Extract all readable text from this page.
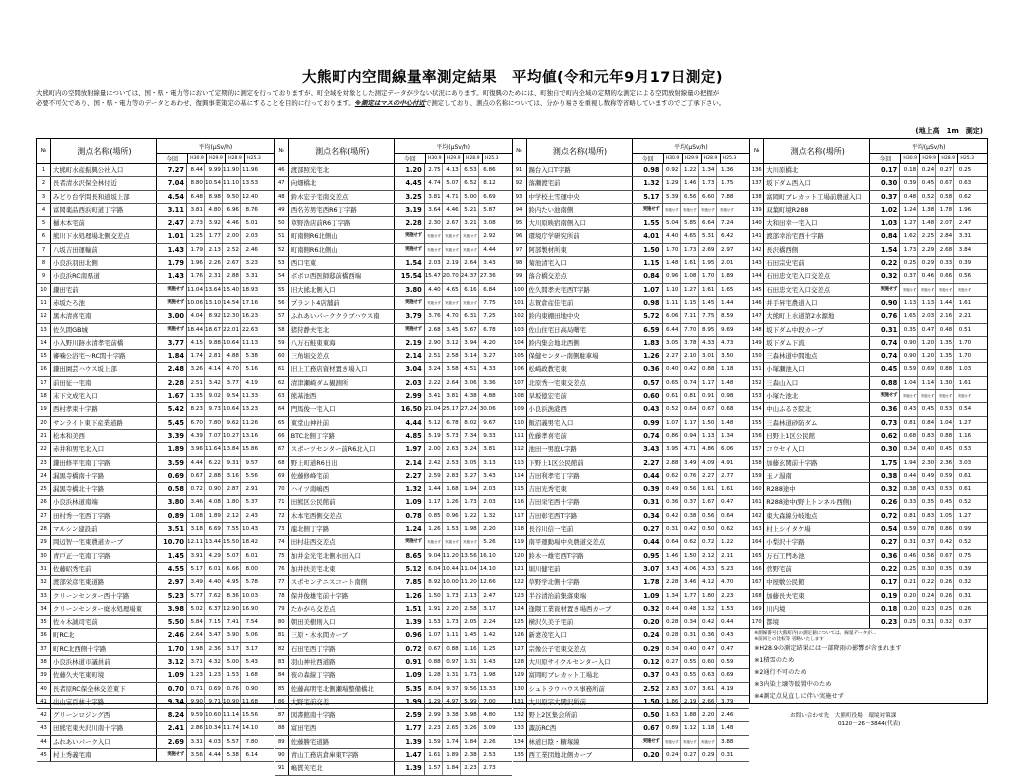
大熊町内空間線量率測定結果　平均値(令和元年9月17日測定)
大熊町内の空間放射線量については、国・県・電力等において定期的に測定を行っておりますが、町全域を対象とした測定データが少ない状況にあります。町復興のためには、町独自で町内全域の定期的な測定による空間放射線量の把握が
必要不可欠であり、国・県・電力等のデータとあわせ、復興事業策定の基にすることを目的に行っております。※測定はマスの中心付近で測定しており、測点の名称については、分かり易さを重視し数称等省略していますのでご了承下さい。
(地上高　1m　測定)
№	測点名称(場所)	平均(μSv/h)
今回	H30.9	H29.9	H28.9	H25.3
1	大熊町水産振興公社入口	7.27	8.44 9.99 11.90 11.96
2	長者清水沢保全林付近	7.04	8.80 10.54 11.10 13.53
3	みどり台学問長和道坂上部	4.54	6.48 8.98 9.50 12.40
4	富岡薬品西浜町道丁字路	3.11	3.81 4.80 6.96	8.76
5	樋木本宅前	2.47	2.73 3.92 4.46	5.01
6	熊川下水処理場北側交差点	1.01	1.25 1.77 2.00	2.03
7	八坂吉田運輸前	1.43	1.79 2.13 2.52	2.46
8	小良浜羽田北側	1.79	1.96 2.26 2.67	3.23
9	小良浜RC南県道	1.43	1.76 2.31 2.88	3.31
10 鎌田宅前	実施せず 11.04 13.64 15.40 18.93
11 赤坂たろ池	実施せず 10.06 13.10 14.54 17.16
12 黒木清喜宅南	3.00	4.04 8.92 12.30 16.23
13 佐久間GB城	実施せず 18.44 18.67 22.01 22.63
14 小入野川跡水清孝宅前橋	3.77	4.15 9.88 10.64 11.13
15 審噛公浴宅〜RC間十字路	1.84	1.74 2.81 4.88	5.38
16 鎌田園芸ハウス坂上部	2.48	3.26 4.14 4.70	5.16
17 前田征一宅南	2.28	2.51 3.42 3.77	4.19
18 末下文成宅入口	1.67	1.35 9.02 9.54 11.33
19 西村孝束十字路	5.42	8.23 9.73 10.64 13.23
20 サンライト東下産業道路	5.45	6.70 7.80 9.62 11.26
21 松本和美西	3.39	4.39 7.07 10.27 13.16
22 赤井和男宅北入口	1.89	3.96 11.64 13.84 15.86
23 鎌田修平宅南丁字路	3.59	4.44 6.22 9.31	9.57
24 漏黒寺橋南十字路	0.69	0.67 2.88 3.16	5.56
25 漏黒寺橋北十字路	0.58	0.72 0.90 2.87	2.91
26 小良浜林道南端	3.80	3.46 4.08 1.80	5.37
27 田村秀一宅西丁字路	0.89	1.08 1.89 2.12	2.43
28 マルシン建設前	3.51	3.18 6.69 7.55 10.43
29 岡辺智一宅東農道カーブ	10.70 12.11 13.44 15.50 18.42
30 青戸正一宅南丁字路	1.45	3.91 4.29 5.07	6.01
31 佐藤昭秀宅前	4.55	5.17 6.01 6.66	8.00
32 渡部栄彦宅東道路	2.97	3.49 4.40 4.95	5.78
33 クリーンセンター西十字路	5.23	5.77 7.62 8.36 10.03
34 クリーンセンター廃水処理場東	3.98	5.02 6.37 12.90 16.90
35 佐々木誠司宅前	5.50	5.84 7.15 7.41	7.54
36 町RC北	2.46	2.64 3.47 3.90	5.06
37 町RC北西側十字路	1.70	1.98 2.36 3.17	3.17
38 小良浜林道市議員前	3.12	3.71 4.32 5.00	5.43
39 佐藤久夫宅東町境	1.09	1.23 1.23 1.53	1.68
40 長者原RC保全林交差東下	0.70	0.71 0.69 0.76	0.90
41 出山宝百林十字路	9.34	9.90 9.71 10.90 11.68
42 グリーンロジング西	8.24	9.59 10.60 11.14 15.56
43 田熊宅東夫沢川南十字路	2.41	2.86 10.34 11.74 14.10
44 ふれあいパーク入口	2.69	3.31 4.03 5.57	7.80
45 村上秀義宅南	実施せず	3.56 4.44 5.38	6.14
№	測点名称(場所)	平均(μSv/h)
今回	H30.9	H29.9	H28.9	H25.3
46 渡部照光宅北	1.20	2.75 4.13 6.53	6.86
47 向畑橋北	4.45	4.74 5.07 6.52	8.12
48 鈴木宏子宅南交差点	3.25	3.81 4.71 5.00	6.69
49 西名芳男宅西R6丁字路	3.19	3.64 4.46 5.21	5.87
50 草野浩店前R6丁字路	2.28	2.30 2.67 3.21	3.08
51 町南側R6北側山	実施せず	実施せず	実施せず	実施せず	2.92
52 町南側R6北側山	実施せず	実施せず	実施せず	実施せず	4.44
53 西口宅東	1.54	2.03 2.19 2.64	3.43
54 ボボロ西医師邸前橋西端	15.54 15.47 20.70 24.37 27.36
55 旧大熊北側入口	3.80	4.40 4.65 6.16	6.84
56 プラント4店舗前	実施せず	実施せず	実施せず	実施せず	7.75
57 ふれあいパーククラブハウス南	3.79	3.76 4.70 6.31	7.25
58 猪狩静夫宅北	実施せず	2.68 3.45 5.67	6.78
59 八万石鮭東東海	2.19	2.90 3.12 3.94	4.20
60 三角堀交差点	2.14	2.51 2.58 3.14	3.27
61 旧上工務店資材置き場入口	3.04	3.24 3.58 4.51	4.33
62 清津瀬崎ダム観測所	2.03	2.22 2.64 3.06	3.36
63 熊基池西	2.99	3.41 3.81 4.38	4.88
64 門馬俊一宅入口	16.50 21.04 25.17 27.24 30.06
65 東堂山神社前	4.44	5.12 6.78 8.02	9.67
66 BTC北側丁字路	4.85	5.19 5.73 7.34	9.33
67 スポーツセンター前R6北入口	1.97	2.00 2.63 3.24	3.81
68 野上町道R6日出	2.14	2.42 2.53 3.05	3.13
69 佐藤修峰宅前	2.27	2.59 2.83 3.27	3.43
70 ハイツ南嶋西	1.32	1.44 1.68 1.94	2.03
71 田熊区公民館前	1.09	1.17 1.26 1.73	2.03
72 木本宅西側交差点	0.78	0.85 0.96 1.22	1.32
73 龍北側丁字路	1.24	1.26 1.53 1.98	2.20
74 田村荘西交差点	実施せず	実施せず	実施せず	実施せず	5.26
75 加井金光宅北側水田入口	8.65	9.04 11.20 13.56 16.10
76 加井扶美宅北東	5.12	6.04 10.44 11.04 14.10
77 スポセンテニスコート南側	7.85	8.92 10.00 11.20 12.66
78 保井俊雄宅前十字路	1.26	1.50 1.73 2.13	2.47
79 たかがら交差点	1.51	1.91 2.20 2.58	3.17
80 朝田美樹則入口	1.39	1.53 1.73 2.05	2.24
81 三原・木永間カーブ	0.96	1.07 1.11 1.45	1.42
82 石田宅西丁字路	0.72	0.67 0.88 1.16	1.25
83 羽山神社西道路	0.91	0.88 0.97 1.31	1.43
84 夜の森線丁字路	1.09	1.28 1.31 1.73	1.98
85 佐藤高明宅北側瀬場整備橋北	5.35	8.04 9.37 9.56 13.33
86 大野宅前交差	1.99	1.29 4.97 5.99	7.00
87 図書館南十字路	2.59	2.99 3.38 3.98	4.80
88 富田宅西	1.77	2.23 2.65 3.26	3.09
89 佐藤勝宅道路	1.39	1.59 1.74 1.84	2.26
90 青山工務店倉庫東T字路	1.47	1.61 1.89 2.38	2.53
91 嶋貫芙宅北	1.39	1.57 1.84 2.23	2.73
№	測点名称(場所)	平均(μSv/h)
今回	H30.9	H29.9	H28.9	H25.3
91 錫台入口T字路	0.98	0.92 1.22 1.34	1.36
92 落瀬渡宅前	1.32	1.29 1.46 1.73	1.75
93 中学校土雪運中央	5.17	5.39 6.56 6.60	7.88
94 鈴内たい池南側	実施せず	実施せず	実施せず	実施せず	実施せず
95 大川原映宿南側入口	1.55	5.04 5.85 6.64	7.24
96 環境庁学研究所前	4.01	4.40 4.65 5.31	6.42
97 阿部製材所東	1.50	1.70 1.73 2.69	2.97
98 菊池清宅入口	1.15	1.48 1.61 1.95	2.01
99 落合橋交差点	0.84	0.96 1.08 1.70	1.89
100 佐久間孝夫宅西T字路	1.07	1.10 1.27 1.61	1.65
101 志賀倉産佳宅前	0.98	1.11 1.15 1.45	1.44
102 鈴内東棚田地中央	5.72	6.06 7.11 7.75	8.59
103 佐山住宅日高局曙宅	6.59	6.44 7.70 8.95	9.69
104 鈴内集会地北西側	1.83	3.05 3.78 4.33	4.73
105 保健センター南側駐車場	1.26	2.27 2.10 3.01	3.50
106 松崎政教宅東	0.36	0.40 0.42 0.88	1.18
107 北原秀一宅東交差点	0.57	0.65 0.74 1.17	1.48
108 旱坂億宏宅前	0.60	0.61 0.81 0.91	0.98
109 小良浜漁港西	0.43	0.52 0.64 0.67	0.68
110 飯沼義男宅入口	0.99	1.07 1.17 1.50	1.48
111 佐藤孝喜宅前	0.74	0.86 0.94 1.13	1.34
112 池田一男庭L字路	3.43	3.95 4.71 4.86	6.06
113 下野上1区公民館前	2.27	2.88 3.49 4.09	4.91
114 吉田利孝宅丁字路	0.44	0.62 0.76 2.27	2.77
115 吉田光秀宅東	0.39	0.49 0.56 1.61	1.61
116 吉田栄宅西十字路	0.31	0.36 0.37 1.67	0.47
117 吉田彰宅西T字路	0.34	0.42 0.38 0.56	0.64
118 長谷川信一宅前	0.27	0.31 0.42 0.50	0.62
119 南平運動場中央農道交差点	0.44	0.64 0.62 0.72	1.22
120 鈴木一雄宅西T字路	0.95	1.46 1.50 2.12	2.11
121 堀川健宅前	3.07	3.43 4.06 4.33	5.23
122 草野学北側十字路	1.78	2.28 3.46 4.12	4.70
123 半谷清治前集落東端	1.09	1.34 1.77 1.80	2.23
124 逢隈工業資材置き場西カーブ	0.32	0.44 0.48 1.32	1.53
125 横沢久美子宅前	0.20	0.28 0.34 0.42	0.44
126 新妻茂宅入口	0.24	0.28 0.31 0.36	0.43
127 宗像公子宅東交差点	0.29	0.34 0.40 0.47	0.47
128 大川原サイクルセンター入口	0.12	0.27 0.55 0.60	0.59
129 富岡町ブレカット工場北	0.37	0.43 0.55 0.63	0.69
130 シュトラウハウス事務所前	2.52	2.83 3.07 3.61	4.19
131 大川原字大関沢所前	1.50	1.86 2.19 2.66	3.79
132 野上2区集会所前	0.50	1.63 1.88 2.20	2.46
133 諏訪RC西	0.67	0.89 1.12 1.18	1.48
134 林道日陰・糖塚線	実施せず	実施せず	実施せず	実施せず	3.88
135 西工業団地北側カーブ	0.20	0.24 0.27 0.29	0.31
№	測点名称(場所)	平均(μSv/h)
今回	H30.9	H29.9	H28.9	H25.3
136 大川原橋北	0.17	0.18 0.24 0.27	0.25
137 坂下ダム西入口	0.30	0.39 0.45 0.67	0.63
138 富岡町ブレカット工場前農道入口	0.37	0.48 0.52 0.58	0.62
139 双葉町境R288	1.02	1.24 1.38 1.78	1.96
140 大和田幸一宅入口	1.03	1.27 1.48 2.07	2.47
141 渡部幸治宅西十字路	0.84	1.62 2.25 2.84	3.31
142 長沢橋西側	1.54	1.73 2.29 2.68	3.84
143 石田宗史宅前	0.22	0.25 0.29 0.33	0.39
144 石田忠文宅入口交差点	0.32	0.37 0.46 0.66	0.56
145 石田忠文宅入口交差点	実施せず	実施せず	実施せず	実施せず	実施せず
146 井手昇宅農道入口	0.90	1.13 1.13 1.44	1.61
147 大熊町上水道第2水源地	0.76	1.65 2.03 2.16	2.21
148 坂下ダム中段カーブ	0.31	0.35 0.47 0.48	0.51
149 坂下ダム下流	0.74	0.90 1.20 1.35	1.70
150 三森林道中間地点	0.74	0.90 1.20 1.35	1.70
151 小塚瀬池入口	0.45	0.59 0.69 0.88	1.03
152 三森山入口	0.88	1.04 1.14 1.30	1.61
153 小塚た池北	実施せず	実施せず	実施せず	実施せず	実施せず
154 中山ふるさ院北	0.36	0.43 0.45 0.53	0.54
155 三森林道砂防ダム	0.73	0.81 0.84 1.04	1.27
156 日野上1区公民館	0.62	0.68 0.83 0.88	1.16
157 コウセイ入口	0.30	0.34 0.40 0.45	0.53
158 加藤玄関前十字路	1.75	1.94 2.30 2.36	3.03
159 玉ノ湯南	0.38	0.44 0.49 0.59	0.61
160 R288途中	0.32	0.38 0.43 0.53	0.61
161 R288途中(野上トンネル西側)	0.26	0.33 0.35 0.45	0.52
162 東大森線分岐地点	0.72	0.81 0.83 1.05	1.27
163 村上シイタケ場	0.54	0.59 0.78 0.86	0.99
164 小梨沢十字路	0.27	0.31 0.37 0.42	0.52
165 万石工門あ池	0.36	0.46 0.56 0.67	0.75
166 菅野宅前	0.22	0.25 0.30 0.35	0.39
167 中屋敷公民館	0.17	0.21 0.22 0.26	0.32
168 加藤長夫宅東	0.19	0.20 0.24 0.26	0.31
169 川内境	0.18	0.20 0.23 0.25	0.26
170 都境	0.23	0.25 0.31 0.32	0.37
※測線番号(大熊町内)の測定値については、線量データが…
※前回との比較等 省略いたします
※H28.9の測定結果には一部降雨の影響が含まれます
※1積雪のため
※2通行不可のため
※3内染土壌等仮置中のため
※4測定点見直しに伴い実施せず
お問い合わせ先　大熊町役場　環境対策課
0120－26－3844(代表)
